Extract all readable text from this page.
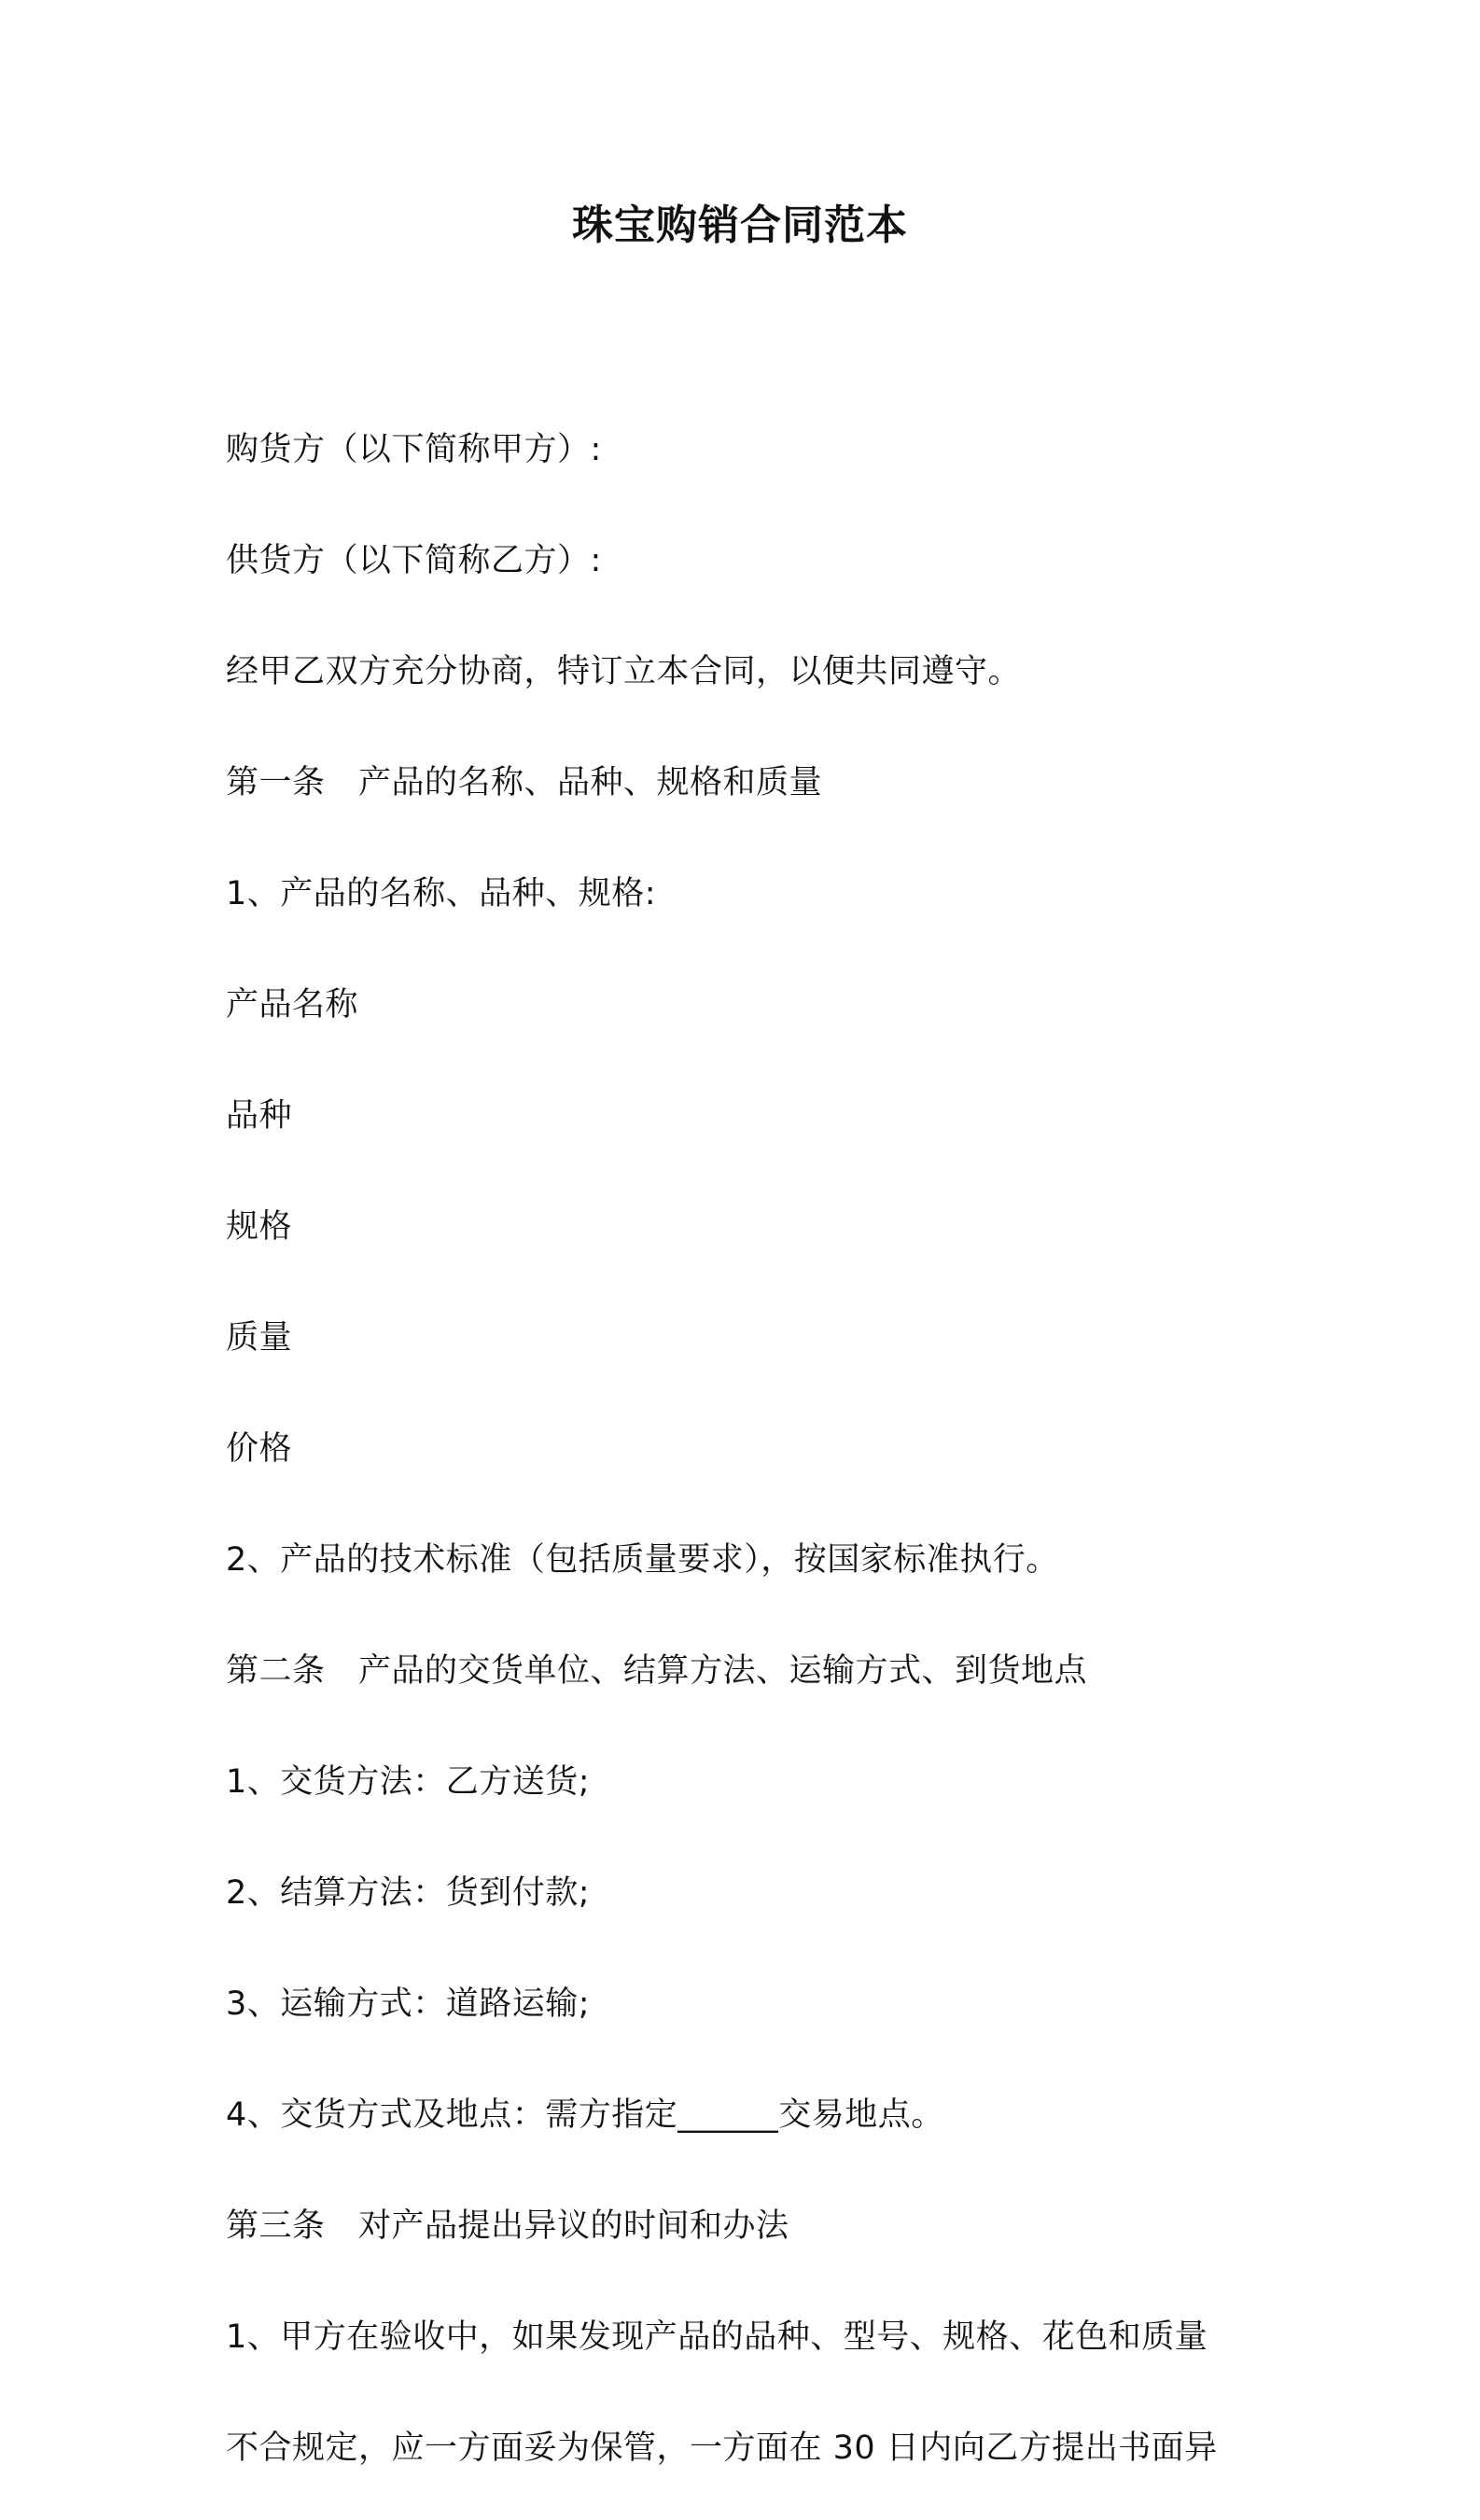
珠宝购销合同范本

购货方（以下简称甲方）:

供货方（以下简称乙方）:

经甲乙双方充分协商，特订立本合同，以便共同遵守。

第一条　产品的名称、品种、规格和质量

1、产品的名称、品种、规格:

产品名称

品种

规格

质量

价格

2、产品的技术标准（包括质量要求），按国家标准执行。

第二条　产品的交货单位、结算方法、运输方式、到货地点

1、交货方法：乙方送货;

2、结算方法：货到付款;

3、运输方式：道路运输;

4、交货方式及地点：需方指定______交易地点。

第三条　对产品提出异议的时间和办法

1、甲方在验收中，如果发现产品的品种、型号、规格、花色和质量

不合规定，应一方面妥为保管，一方面在 30 日内向乙方提出书面异
